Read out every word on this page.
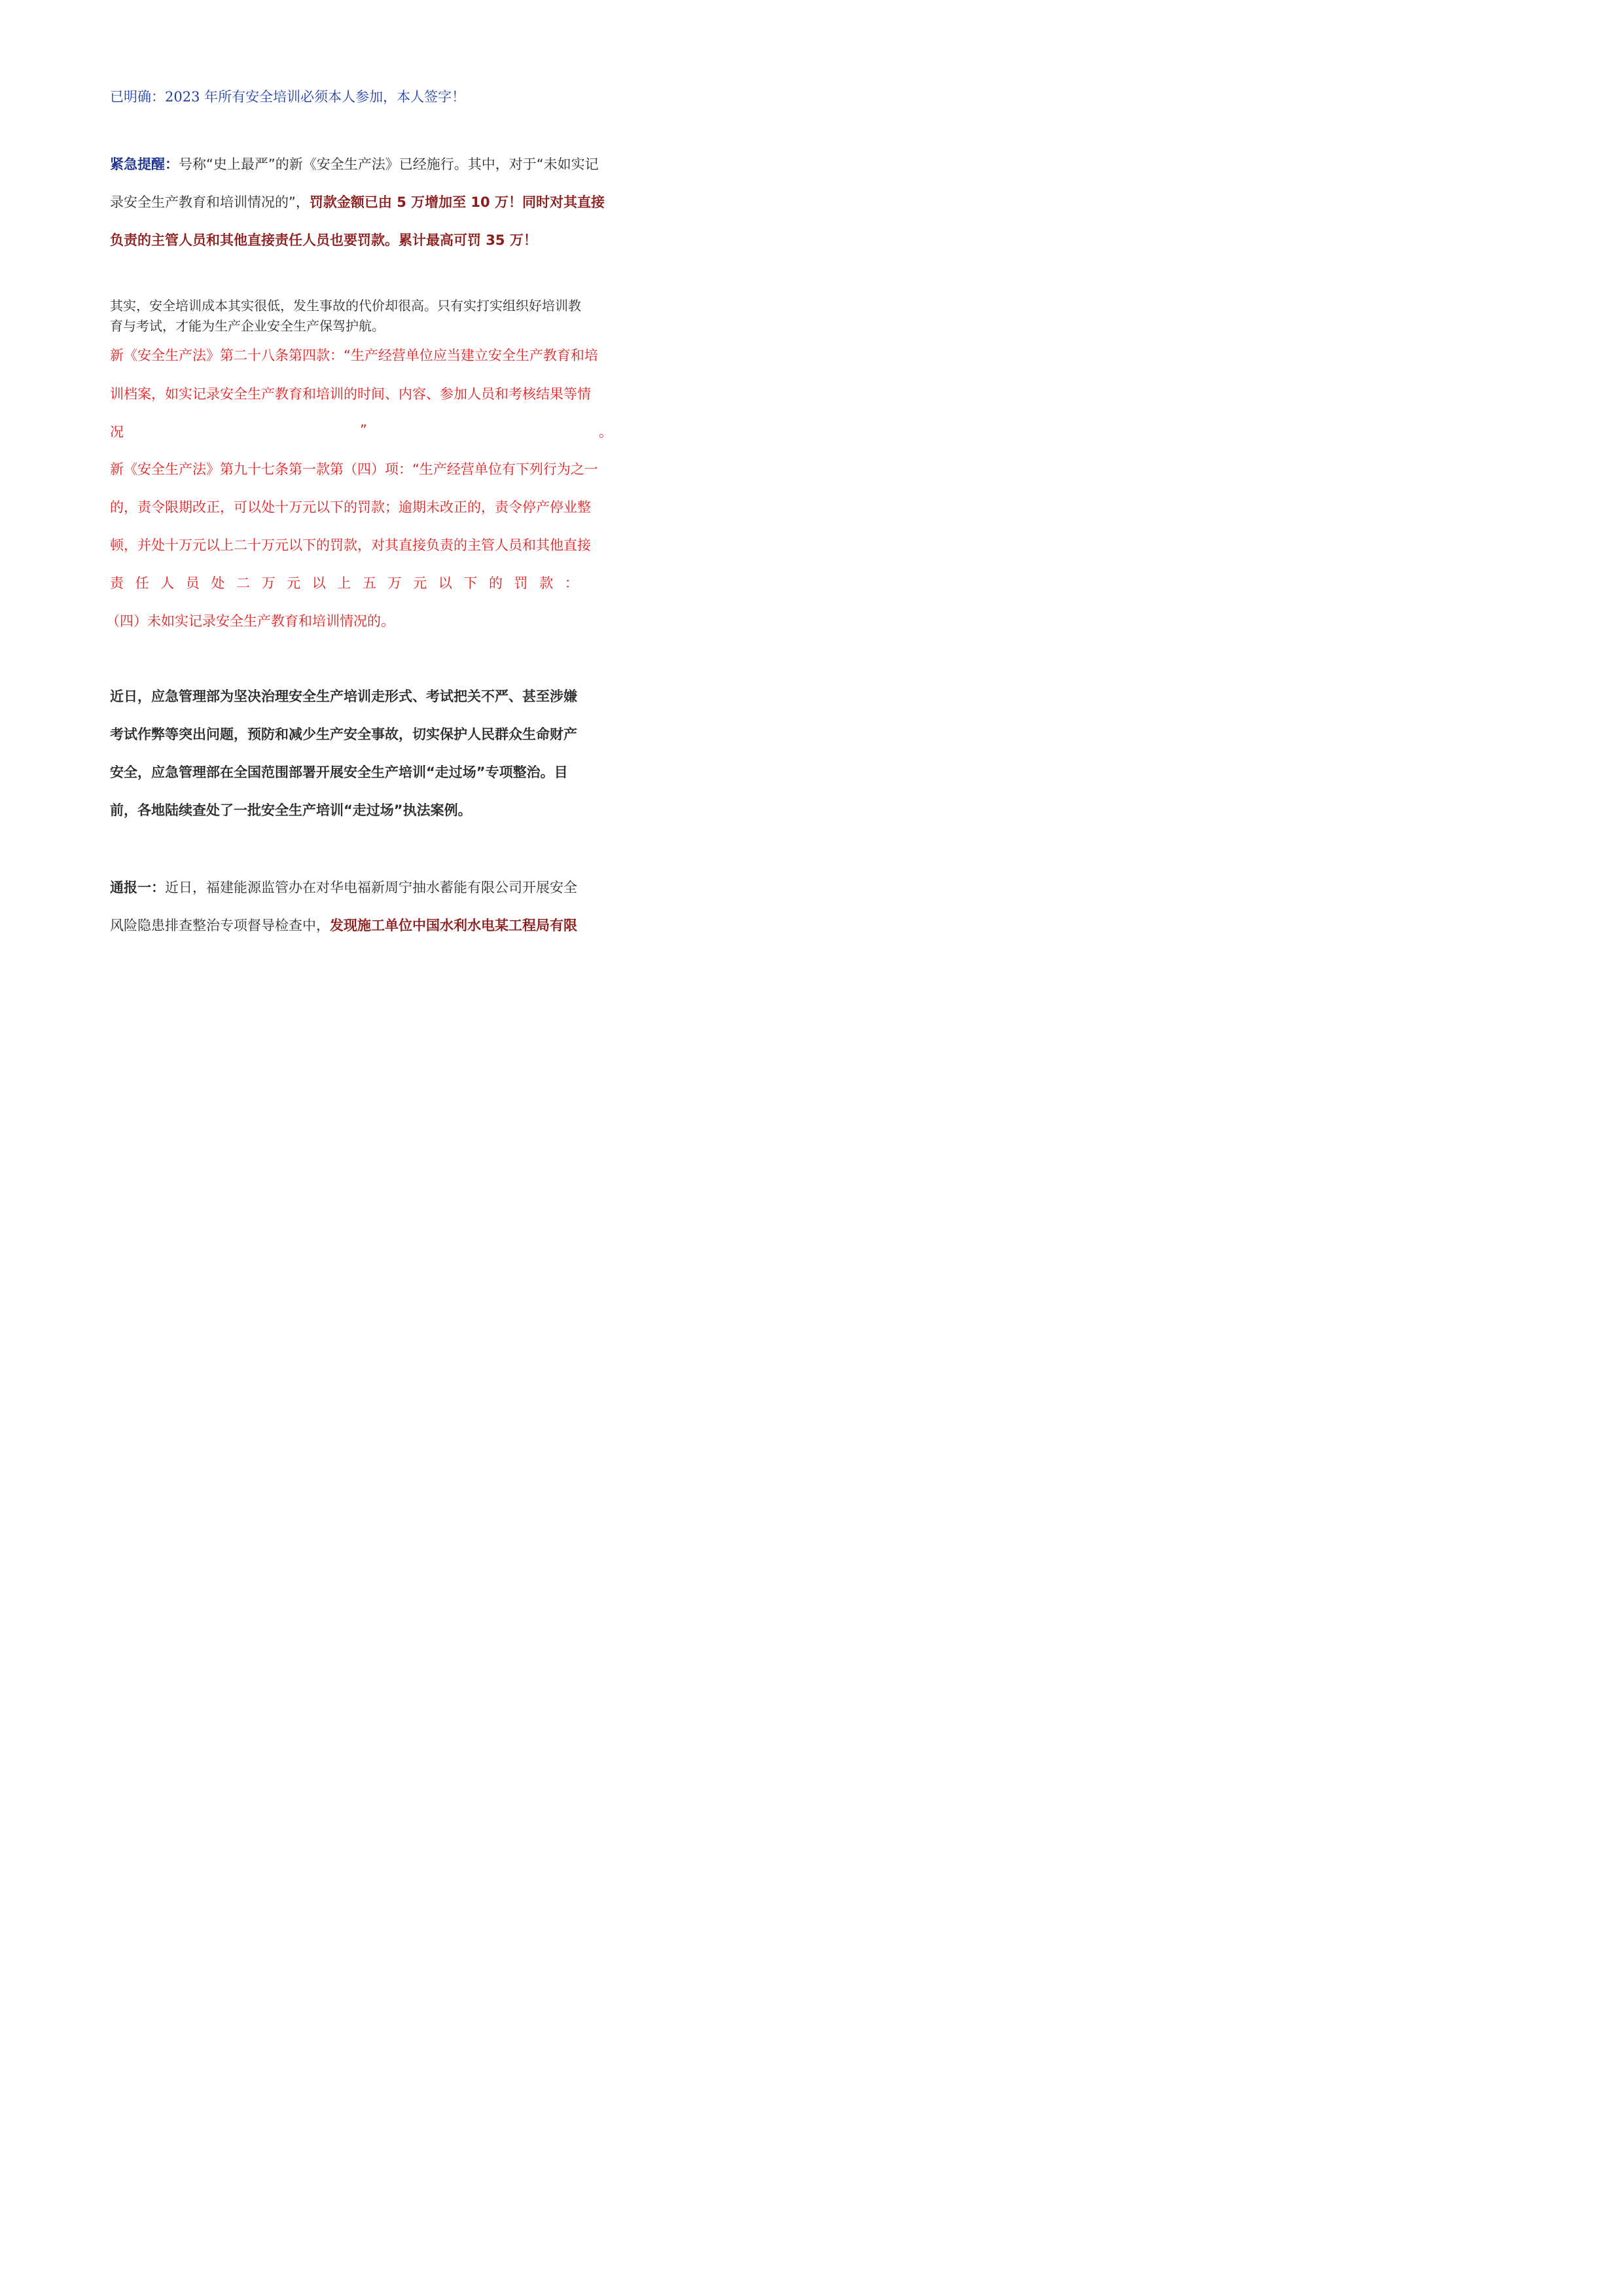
已明确：2023 年所有安全培训必须本人参加，本人签字！
紧急提醒：号称“史上最严”的新《安全生产法》已经施行。其中，对于“未如实记
录安全生产教育和培训情况的”，罚款金额已由 5 万增加至 10 万！同时对其直接
负责的主管人员和其他直接责任人员也要罚款。累计最高可罚 35 万！
其实，安全培训成本其实很低，发生事故的代价却很高。只有实打实组织好培训教
育与考试，才能为生产企业安全生产保驾护航。
新《安全生产法》第二十八条第四款：“生产经营单位应当建立安全生产教育和培
训档案，如实记录安全生产教育和培训的时间、内容、参加人员和考核结果等情
况	”	。
新《安全生产法》第九十七条第一款第（四）项：“生产经营单位有下列行为之一
的，责令限期改正，可以处十万元以下的罚款；逾期未改正的，责令停产停业整
顿，并处十万元以上二十万元以下的罚款，对其直接负责的主管人员和其他直接
责任人员处二万元以上五万元以下的罚款：
（四）未如实记录安全生产教育和培训情况的。
近日，应急管理部为坚决治理安全生产培训走形式、考试把关不严、甚至涉嫌
考试作弊等突出问题，预防和减少生产安全事故，切实保护人民群众生命财产
安全，应急管理部在全国范围部署开展安全生产培训“走过场”专项整治。目
前，各地陆续查处了一批安全生产培训“走过场”执法案例。
通报一：近日，福建能源监管办在对华电福新周宁抽水蓄能有限公司开展安全
风险隐患排查整治专项督导检查中，发现施工单位中国水利水电某工程局有限
